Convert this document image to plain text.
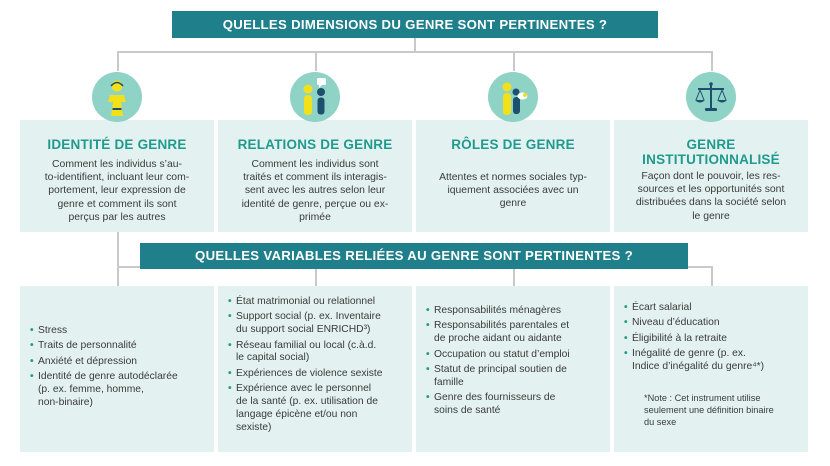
QUELLES DIMENSIONS DU GENRE SONT PERTINENTES ?
IDENTITÉ DE GENRE
Comment les individus s’au-
to-identifient, incluant leur com-
portement, leur expression de
genre et comment ils sont
perçus par les autres
RELATIONS DE GENRE
Comment les individus sont
traités et comment ils interagis-
sent avec les autres selon leur
identité de genre, perçue ou ex-
primée
RÔLES DE GENRE
Attentes et normes sociales typ-
iquement associées avec un
genre
GENRE
INSTITUTIONNALISÉ
Façon dont le pouvoir, les res-
sources et les opportunités sont
distribuées dans la société selon
le genre
QUELLES VARIABLES RELIÉES AU GENRE SONT PERTINENTES ?
• Stress
• Traits de personnalité
• Anxiété et dépression
• Identité de genre autodéclarée
(p. ex. femme, homme,
non-binaire)
• État matrimonial ou relationnel
• Support social (p. ex. Inventaire
du support social ENRICHD³)
• Réseau familial ou local (c.à.d.
le capital social)
• Expériences de violence sexiste
• Expérience avec le personnel
de la santé (p. ex. utilisation de
langage épicène et/ou non
sexiste)
• Responsabilités ménagères
• Responsabilités parentales et
de proche aidant ou aidante
• Occupation ou statut d’emploi
• Statut de principal soutien de
famille
• Genre des fournisseurs de
soins de santé
• Écart salarial
• Niveau d’éducation
• Éligibilité à la retraite
• Inégalité de genre (p. ex.
Indice d’inégalité du genre⁴*)
*Note : Cet instrument utilise
seulement une définition binaire
du sexe
